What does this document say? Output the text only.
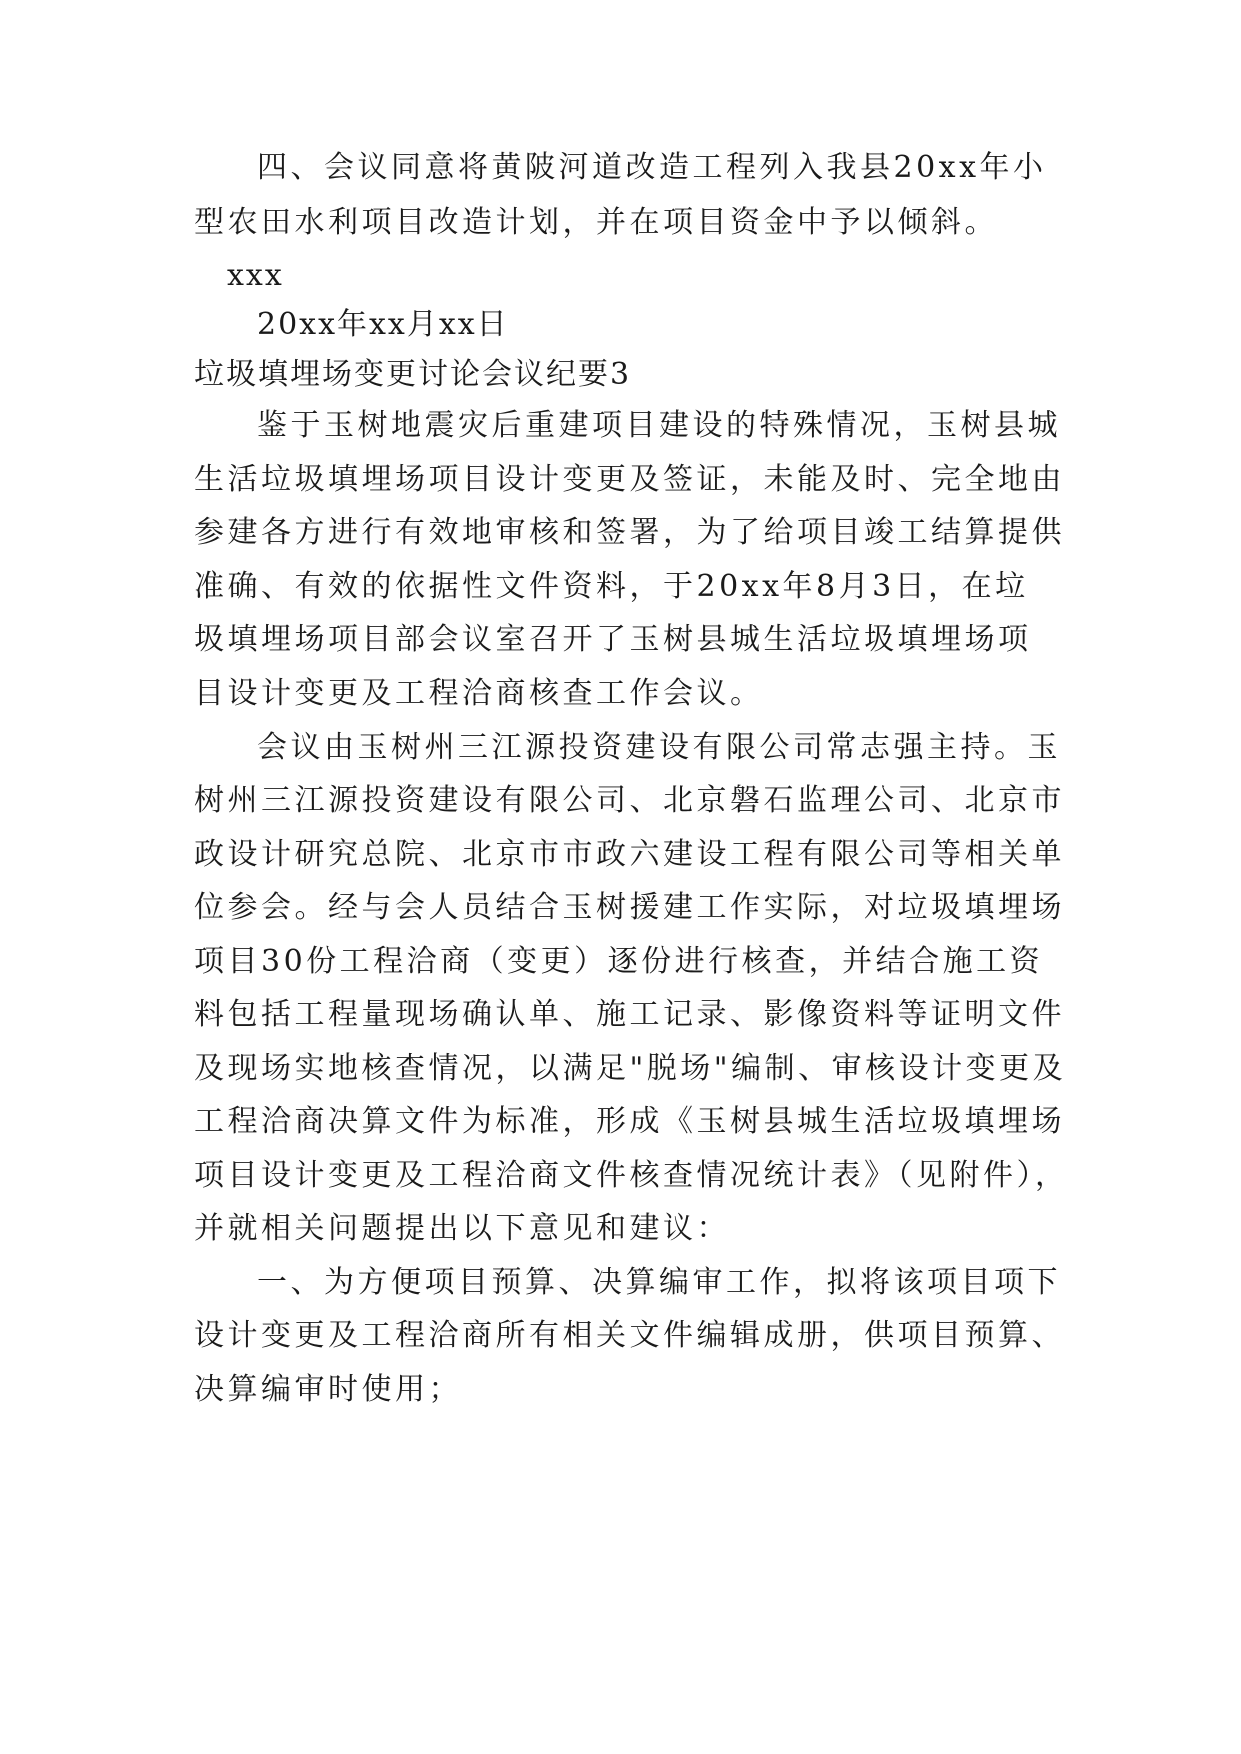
四、会议同意将黄陂河道改造工程列入我县20xx年小
型农田水利项目改造计划，并在项目资金中予以倾斜。
xxx
20xx年xx月xx日
垃圾填埋场变更讨论会议纪要3
鉴于玉树地震灾后重建项目建设的特殊情况，玉树县城
生活垃圾填埋场项目设计变更及签证，未能及时、完全地由
参建各方进行有效地审核和签署，为了给项目竣工结算提供
准确、有效的依据性文件资料，于20xx年8月3日，在垃
圾填埋场项目部会议室召开了玉树县城生活垃圾填埋场项
目设计变更及工程洽商核查工作会议。
会议由玉树州三江源投资建设有限公司常志强主持。玉
树州三江源投资建设有限公司、北京磐石监理公司、北京市
政设计研究总院、北京市市政六建设工程有限公司等相关单
位参会。经与会人员结合玉树援建工作实际，对垃圾填埋场
项目30份工程洽商（变更）逐份进行核查，并结合施工资
料包括工程量现场确认单、施工记录、影像资料等证明文件
及现场实地核查情况，以满足"脱场"编制、审核设计变更及
工程洽商决算文件为标准，形成《玉树县城生活垃圾填埋场
项目设计变更及工程洽商文件核查情况统计表》（见附件），
并就相关问题提出以下意见和建议：
一、为方便项目预算、决算编审工作，拟将该项目项下
设计变更及工程洽商所有相关文件编辑成册，供项目预算、
决算编审时使用；
